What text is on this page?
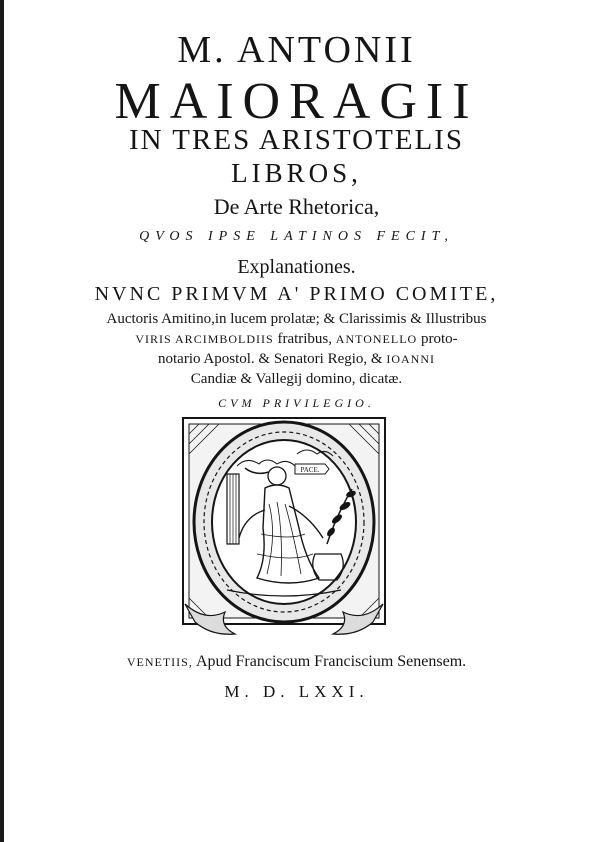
M. ANTONII
MAIORAGII
IN TRES ARISTOTELIS
LIBROS,
De Arte Rhetorica,
QVOS IPSE LATINOS FECIT,
Explanationes.
NVNC PRIMVM A' PRIMO COMITE,
Auctoris Amitino,in lucem prolatæ; & Clarissimis & Illustribus
VIRIS ARCIMBOLDIIS fratribus, ANTONELLO proto-
notario Apostol. & Senatori Regio, & IOANNI
Candiæ & Vallegij domino, dicatæ.
CVM PRIVILEGIO.
PACE.
VENETIIS, Apud Franciscum Franciscium Senensem.
M. D. LXXI.
